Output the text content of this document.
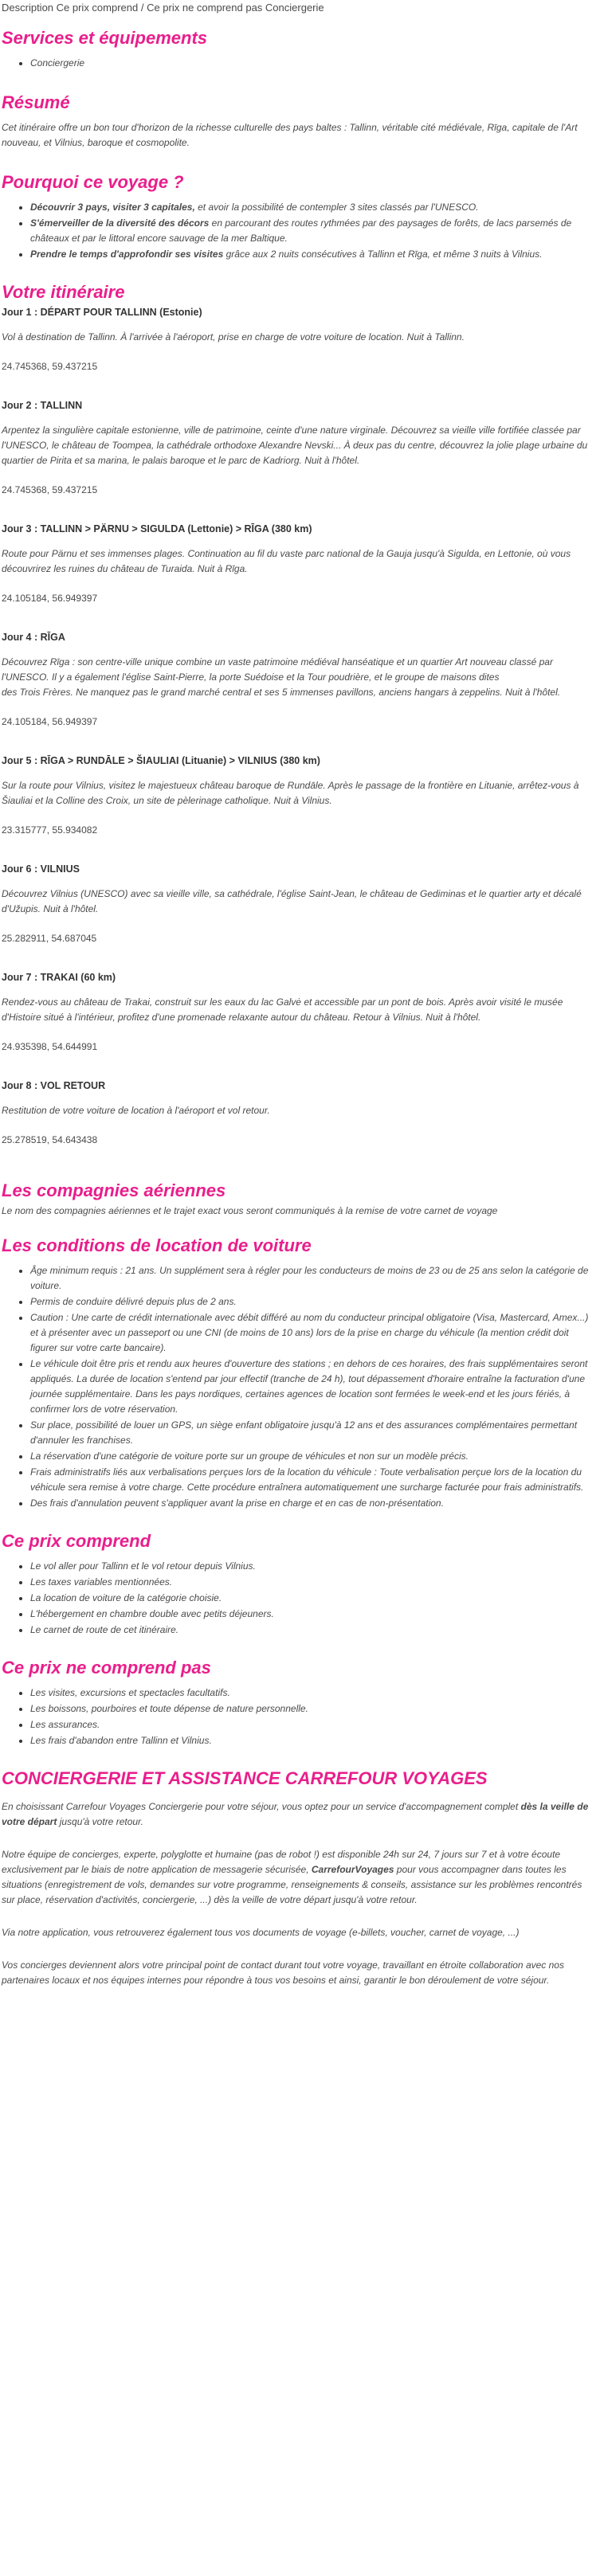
Description Ce prix comprend / Ce prix ne comprend pas Conciergerie
Services et équipements
• Conciergerie
Résumé

Cet itinéraire offre un bon tour d'horizon de la richesse culturelle des pays baltes : Tallinn, véritable cité médiévale, Rīga, capitale de l'Art nouveau, et Vilnius, baroque et cosmopolite.

Pourquoi ce voyage ?
• Découvrir 3 pays, visiter 3 capitales, et avoir la possibilité de contempler 3 sites classés par l'UNESCO.
• S'émerveiller de la diversité des décors en parcourant des routes rythmées par des paysages de forêts, de lacs parsemés de châteaux et par le littoral encore sauvage de la mer Baltique.
• Prendre le temps d'approfondir ses visites grâce aux 2 nuits consécutives à Tallinn et Rīga, et même 3 nuits à Vilnius.
Votre itinéraire
Jour 1 : DÉPART POUR TALLINN (Estonie)

Vol à destination de Tallinn. À l'arrivée à l'aéroport, prise en charge de votre voiture de location. Nuit à Tallinn.

24.745368, 59.437215
Jour 2 : TALLINN

Arpentez la singulière capitale estonienne, ville de patrimoine, ceinte d'une nature virginale. Découvrez sa vieille ville fortifiée classée par l'UNESCO, le château de Toompea, la cathédrale orthodoxe Alexandre Nevski... À deux pas du centre, découvrez la jolie plage urbaine du quartier de Pirita et sa marina, le palais baroque et le parc de Kadriorg. Nuit à l'hôtel.

24.745368, 59.437215
Jour 3 : TALLINN > PÄRNU > SIGULDA (Lettonie) > RĪGA (380 km)

Route pour Pärnu et ses immenses plages. Continuation au fil du vaste parc national de la Gauja jusqu'à Sigulda, en Lettonie, où vous découvrirez les ruines du château de Turaida. Nuit à Rīga.

24.105184, 56.949397
Jour 4 : RĪGA

Découvrez Rīga : son centre-ville unique combine un vaste patrimoine médiéval hanséatique et un quartier Art nouveau classé par l'UNESCO. Il y a également l'église Saint-Pierre, la porte Suédoise et la Tour poudrière, et le groupe de maisons dites
des Trois Frères. Ne manquez pas le grand marché central et ses 5 immenses pavillons, anciens hangars à zeppelins. Nuit à l'hôtel.

24.105184, 56.949397
Jour 5 : RĪGA > RUNDĀLE > ŠIAULIAI (Lituanie) > VILNIUS (380 km)

Sur la route pour Vilnius, visitez le majestueux château baroque de Rundāle. Après le passage de la frontière en Lituanie, arrêtez-vous à Šiauliai et la Colline des Croix, un site de pèlerinage catholique. Nuit à Vilnius.

23.315777, 55.934082
Jour 6 : VILNIUS

Découvrez Vilnius (UNESCO) avec sa vieille ville, sa cathédrale, l'église Saint-Jean, le château de Gediminas et le quartier arty et décalé d'Užupis. Nuit à l'hôtel.

25.282911, 54.687045
Jour 7 : TRAKAI (60 km)

Rendez-vous au château de Trakai, construit sur les eaux du lac Galvė et accessible par un pont de bois. Après avoir visité le musée d'Histoire situé à l'intérieur, profitez d'une promenade relaxante autour du château. Retour à Vilnius. Nuit à l'hôtel.

24.935398, 54.644991
Jour 8 : VOL RETOUR

Restitution de votre voiture de location à l'aéroport et vol retour.

25.278519, 54.643438
Les compagnies aériennes

Le nom des compagnies aériennes et le trajet exact vous seront communiqués à la remise de votre carnet de voyage

Les conditions de location de voiture
• Âge minimum requis : 21 ans. Un supplément sera à régler pour les conducteurs de moins de 23 ou de 25 ans selon la catégorie de voiture.
• Permis de conduire délivré depuis plus de 2 ans.
• Caution : Une carte de crédit internationale avec débit différé au nom du conducteur principal obligatoire (Visa, Mastercard, Amex...) et à présenter avec un passeport ou une CNI (de moins de 10 ans) lors de la prise en charge du véhicule (la mention crédit doit figurer sur votre carte bancaire).
• Le véhicule doit être pris et rendu aux heures d'ouverture des stations ; en dehors de ces horaires, des frais supplémentaires seront appliqués. La durée de location s'entend par jour effectif (tranche de 24 h), tout dépassement d'horaire entraîne la facturation d'une journée supplémentaire. Dans les pays nordiques, certaines agences de location sont fermées le week-end et les jours fériés, à confirmer lors de votre réservation.
• Sur place, possibilité de louer un GPS, un siège enfant obligatoire jusqu'à 12 ans et des assurances complémentaires permettant d'annuler les franchises.
• La réservation d'une catégorie de voiture porte sur un groupe de véhicules et non sur un modèle précis.
• Frais administratifs liés aux verbalisations perçues lors de la location du véhicule : Toute verbalisation perçue lors de la location du véhicule sera remise à votre charge. Cette procédure entraînera automatiquement une surcharge facturée pour frais administratifs.
• Des frais d'annulation peuvent s'appliquer avant la prise en charge et en cas de non-présentation.
Ce prix comprend
• Le vol aller pour Tallinn et le vol retour depuis Vilnius.
• Les taxes variables mentionnées.
• La location de voiture de la catégorie choisie.
• L'hébergement en chambre double avec petits déjeuners.
• Le carnet de route de cet itinéraire.
Ce prix ne comprend pas
• Les visites, excursions et spectacles facultatifs.
• Les boissons, pourboires et toute dépense de nature personnelle.
• Les assurances.
• Les frais d'abandon entre Tallinn et Vilnius.
CONCIERGERIE ET ASSISTANCE CARREFOUR VOYAGES

En choisissant Carrefour Voyages Conciergerie pour votre séjour, vous optez pour un service d'accompagnement complet dès la veille de votre départ jusqu'à votre retour.

Notre équipe de concierges, experte, polyglotte et humaine (pas de robot !) est disponible 24h sur 24, 7 jours sur 7 et à votre écoute exclusivement par le biais de notre application de messagerie sécurisée, CarrefourVoyages pour vous accompagner dans toutes les situations (enregistrement de vols, demandes sur votre programme, renseignements & conseils, assistance sur les problèmes rencontrés sur place, réservation d'activités, conciergerie, ...) dès la veille de votre départ jusqu'à votre retour.

Via notre application, vous retrouverez également tous vos documents de voyage (e-billets, voucher, carnet de voyage, ...)

Vos concierges deviennent alors votre principal point de contact durant tout votre voyage, travaillant en étroite collaboration avec nos partenaires locaux et nos équipes internes pour répondre à tous vos besoins et ainsi, garantir le bon déroulement de votre séjour.
